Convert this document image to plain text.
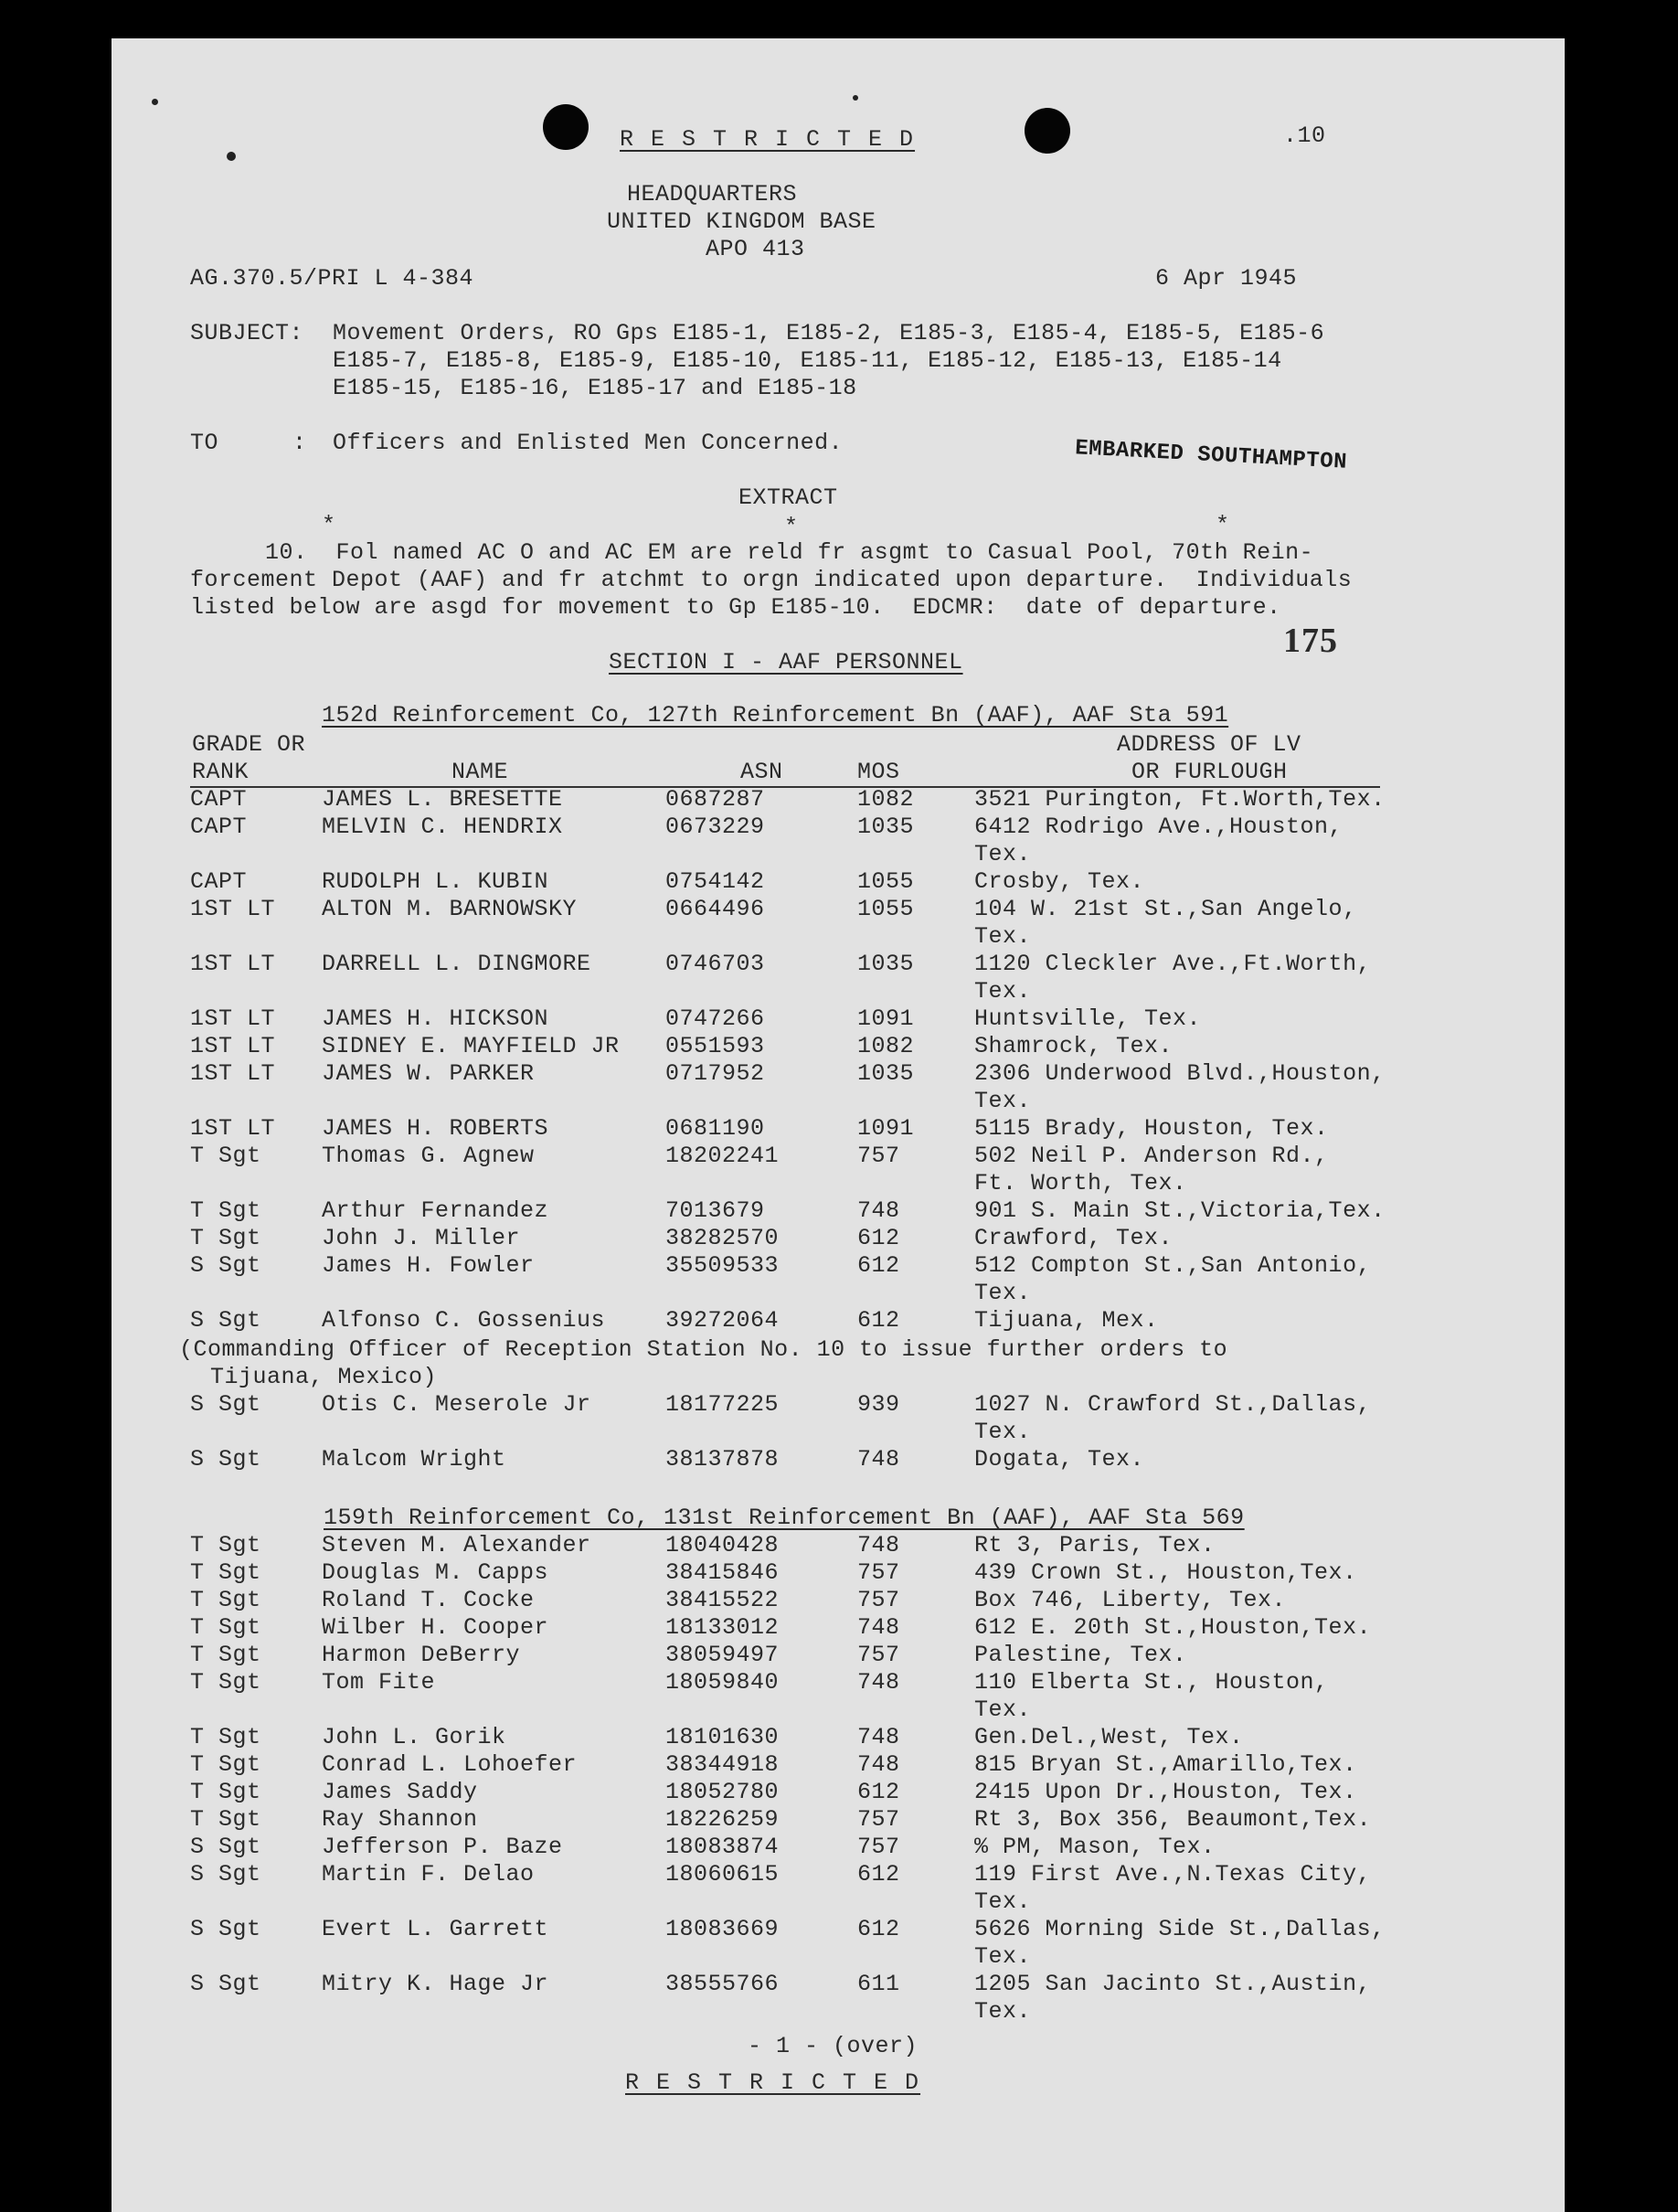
R E S T R I C T E D	.10
HEADQUARTERS
UNITED KINGDOM BASE
APO 413
AG.370.5/PRI L 4-384	6 Apr 1945
SUBJECT: Movement Orders, RO Gps E185-1, E185-2, E185-3, E185-4, E185-5, E185-6
E185-7, E185-8, E185-9, E185-10, E185-11, E185-12, E185-13, E185-14
E185-15, E185-16, E185-17 and E185-18
TO	: Officers and Enlisted Men Concerned.	EMBARKED SOUTHAMPTON
EXTRACT
*	*	*
10.  Fol named AC O and AC EM are reld fr asgmt to Casual Pool, 70th Rein-
forcement Depot (AAF) and fr atchmt to orgn indicated upon departure.  Individuals
listed below are asgd for movement to Gp E185-10.  EDCMR:  date of departure.
SECTION I - AAF PERSONNEL
175
152d Reinforcement Co, 127th Reinforcement Bn (AAF), AAF Sta 591
GRADE OR
RANK	NAME	ASN	MOS
ADDRESS OF LV
OR FURLOUGH
CAPT	JAMES L. BRESETTE	0687287	1082	3521 Purington, Ft.Worth,Tex.
CAPT	MELVIN C. HENDRIX	0673229	1035	6412 Rodrigo Ave.,Houston,
Tex.
CAPT	RUDOLPH L. KUBIN	0754142	1055	Crosby, Tex.
1ST LT ALTON M. BARNOWSKY	0664496	1055	104 W. 21st St.,San Angelo,
Tex.
1ST LT DARRELL L. DINGMORE	0746703	1035	1120 Cleckler Ave.,Ft.Worth,
Tex.
1ST LT JAMES H. HICKSON	0747266	1091	Huntsville, Tex.
1ST LT SIDNEY E. MAYFIELD JR 0551593	1082	Shamrock, Tex.
1ST LT JAMES W. PARKER	0717952	1035	2306 Underwood Blvd.,Houston,
Tex.
1ST LT JAMES H. ROBERTS	0681190	1091	5115 Brady, Houston, Tex.
T Sgt	Thomas G. Agnew	18202241	757	502 Neil P. Anderson Rd.,
Ft. Worth, Tex.
T Sgt	Arthur Fernandez	7013679	748	901 S. Main St.,Victoria,Tex.
T Sgt	John J. Miller	38282570	612	Crawford, Tex.
S Sgt	James H. Fowler	35509533	612	512 Compton St.,San Antonio,
Tex.
S Sgt	Alfonso C. Gossenius	39272064	612	Tijuana, Mex.
(Commanding Officer of Reception Station No. 10 to issue further orders to
Tijuana, Mexico)
S Sgt	Otis C. Meserole Jr	18177225	939	1027 N. Crawford St.,Dallas,
Tex.
S Sgt	Malcom Wright	38137878	748	Dogata, Tex.
159th Reinforcement Co, 131st Reinforcement Bn (AAF), AAF Sta 569
T Sgt	Steven M. Alexander	18040428	748	Rt 3, Paris, Tex.
T Sgt	Douglas M. Capps	38415846	757	439 Crown St., Houston,Tex.
T Sgt	Roland T. Cocke	38415522	757	Box 746, Liberty, Tex.
T Sgt	Wilber H. Cooper	18133012	748	612 E. 20th St.,Houston,Tex.
T Sgt	Harmon DeBerry	38059497	757	Palestine, Tex.
T Sgt	Tom Fite	18059840	748	110 Elberta St., Houston,
Tex.
T Sgt	John L. Gorik	18101630	748	Gen.Del.,West, Tex.
T Sgt	Conrad L. Lohoefer	38344918	748	815 Bryan St.,Amarillo,Tex.
T Sgt	James Saddy	18052780	612	2415 Upon Dr.,Houston, Tex.
T Sgt	Ray Shannon	18226259	757	Rt 3, Box 356, Beaumont,Tex.
S Sgt	Jefferson P. Baze	18083874	757	% PM, Mason, Tex.
S Sgt	Martin F. Delao	18060615	612	119 First Ave.,N.Texas City,
Tex.
S Sgt	Evert L. Garrett	18083669	612	5626 Morning Side St.,Dallas,
Tex.
S Sgt	Mitry K. Hage Jr	38555766	611	1205 San Jacinto St.,Austin,
Tex.
- 1 - (over)
R E S T R I C T E D
